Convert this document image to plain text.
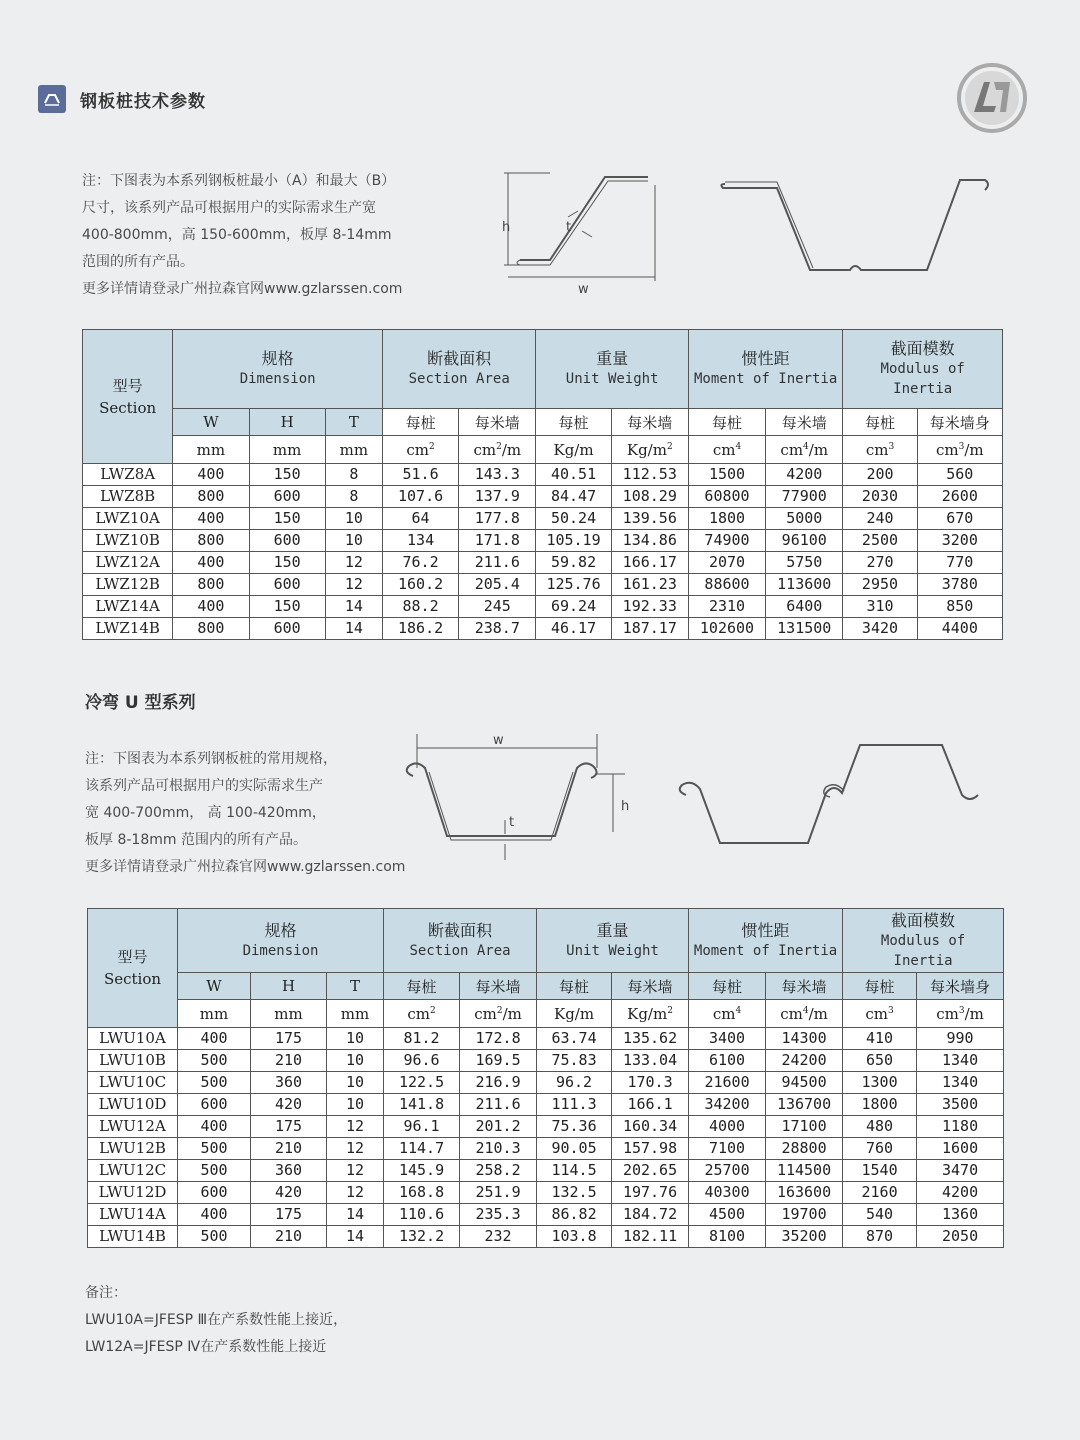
钢板桩技术参数

注：下图表为本系列钢板桩最小（A）和最大（B）

尺寸，该系列产品可根据用户的实际需求生产宽

400-800mm，高 150-600mm，板厚 8-14mm

范围的所有产品。

更多详情请登录广州拉森官网www.gzlarssen.com

h	t
w
型号
Section	规格
Dimension			断截面积
Section Area		重量
Unit Weight		惯性距
Moment of Inertia		截面模数
Modulus of
Inertia	

	W	H	T	每桩	每米墙	每桩	每米墙	每桩	每米墙	每桩	每米墙身
	mm	mm	mm	$cm^2$	$cm^2/m$	Kg/m	$Kg/m^2$	$cm^4$	$cm^4/m$	$cm^3$	$cm^3/m$
LWZ8A	400	150	8	51.6	143.3	40.51	112.53	1500	4200	200	560
LWZ8B	800	600	8	107.6	137.9	84.47	108.29	60800	77900	2030	2600
LWZ10A	400	150	10	64	177.8	50.24	139.56	1800	5000	240	670
LWZ10B	800	600	10	134	171.8	105.19	134.86	74900	96100	2500	3200
LWZ12A	400	150	12	76.2	211.6	59.82	166.17	2070	5750	270	770
LWZ12B	800	600	12	160.2	205.4	125.76	161.23	88600	113600	2950	3780
LWZ14A	400	150	14	88.2	245	69.24	192.33	2310	6400	310	850
LWZ14B	800	600	14	186.2	238.7	46.17	187.17	102600	131500	3420	4400
冷弯 U 型系列

注：下图表为本系列钢板桩的常用规格，

该系列产品可根据用户的实际需求生产

宽 400-700mm， 高 100-420mm，

板厚 8-18mm 范围内的所有产品。

更多详情请登录广州拉森官网www.gzlarssen.com

w
h
t
型号
Section	规格
Dimension			断截面积
Section Area		重量
Unit Weight		惯性距
Moment of Inertia		截面模数
Modulus of
Inertia	

	W	H	T	每桩	每米墙	每桩	每米墙	每桩	每米墙	每桩	每米墙身
	mm	mm	mm	$cm^2$	$cm^2/m$	Kg/m	$Kg/m^2$	$cm^4$	$cm^4/m$	$cm^3$	$cm^3/m$
LWU10A	400	175	10	81.2	172.8	63.74	135.62	3400	14300	410	990
LWU10B	500	210	10	96.6	169.5	75.83	133.04	6100	24200	650	1340
LWU10C	500	360	10	122.5	216.9	96.2	170.3	21600	94500	1300	1340
LWU10D	600	420	10	141.8	211.6	111.3	166.1	34200	136700	1800	3500
LWU12A	400	175	12	96.1	201.2	75.36	160.34	4000	17100	480	1180
LWU12B	500	210	12	114.7	210.3	90.05	157.98	7100	28800	760	1600
LWU12C	500	360	12	145.9	258.2	114.5	202.65	25700	114500	1540	3470
LWU12D	600	420	12	168.8	251.9	132.5	197.76	40300	163600	2160	4200
LWU14A	400	175	14	110.6	235.3	86.82	184.72	4500	19700	540	1360
LWU14B	500	210	14	132.2	232	103.8	182.11	8100	35200	870	2050

备注：

LWU10A=JFESP Ⅲ在产系数性能上接近，

LW12A=JFESP Ⅳ在产系数性能上接近
